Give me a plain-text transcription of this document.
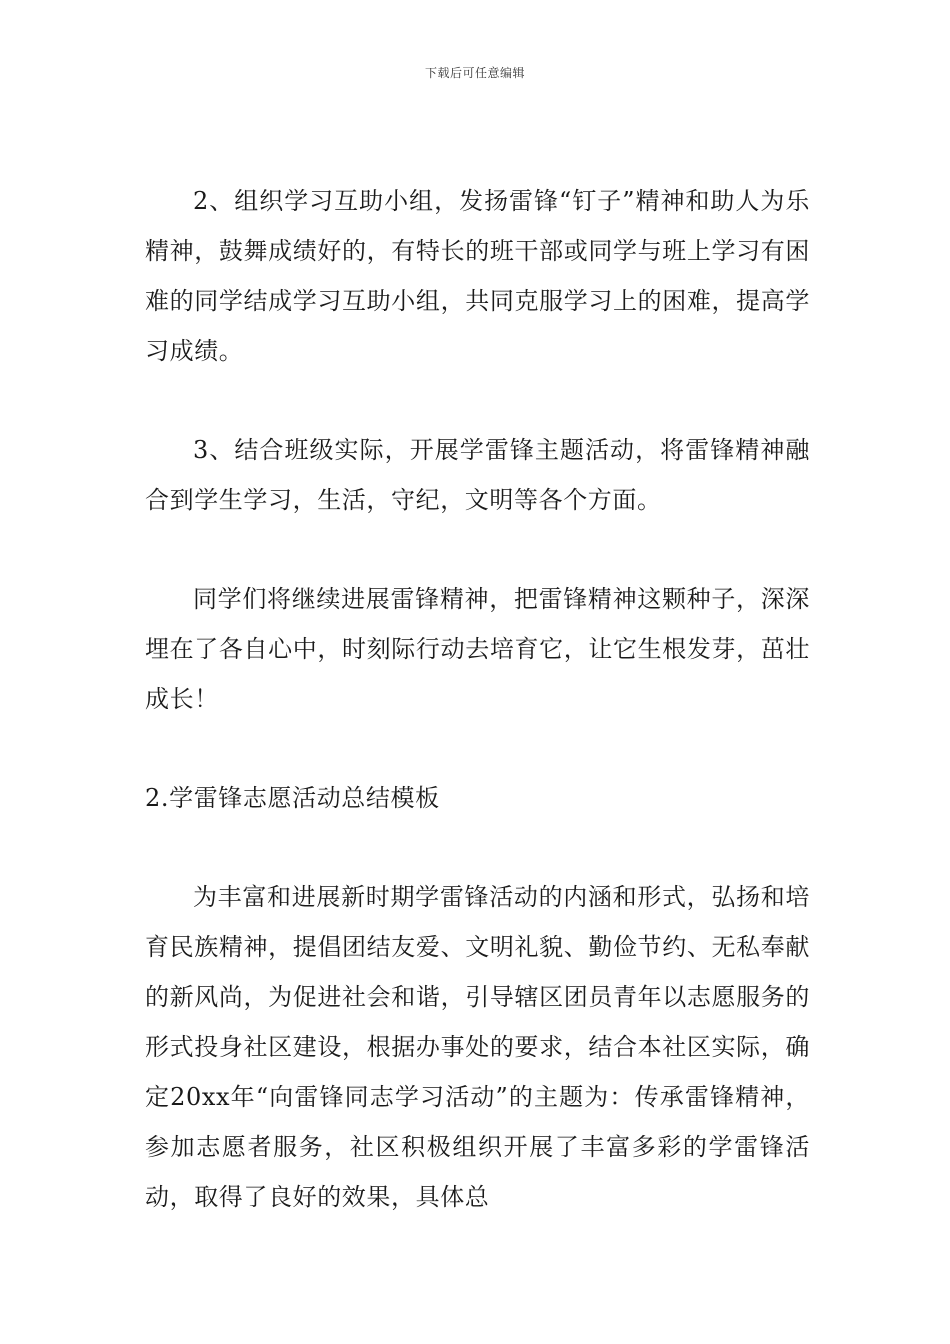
下载后可任意编辑

2、组织学习互助小组，发扬雷锋“钉子”精神和助人为乐精神，鼓舞成绩好的，有特长的班干部或同学与班上学习有困难的同学结成学习互助小组，共同克服学习上的困难，提高学习成绩。

3、结合班级实际，开展学雷锋主题活动，将雷锋精神融合到学生学习，生活，守纪，文明等各个方面。

同学们将继续进展雷锋精神，把雷锋精神这颗种子，深深埋在了各自心中，时刻际行动去培育它，让它生根发芽，茁壮成长！

2.学雷锋志愿活动总结模板

为丰富和进展新时期学雷锋活动的内涵和形式，弘扬和培育民族精神，提倡团结友爱、文明礼貌、勤俭节约、无私奉献的新风尚，为促进社会和谐，引导辖区团员青年以志愿服务的形式投身社区建设，根据办事处的要求，结合本社区实际，确定20xx年“向雷锋同志学习活动”的主题为：传承雷锋精神，参加志愿者服务，社区积极组织开展了丰富多彩的学雷锋活动，取得了良好的效果，具体总
